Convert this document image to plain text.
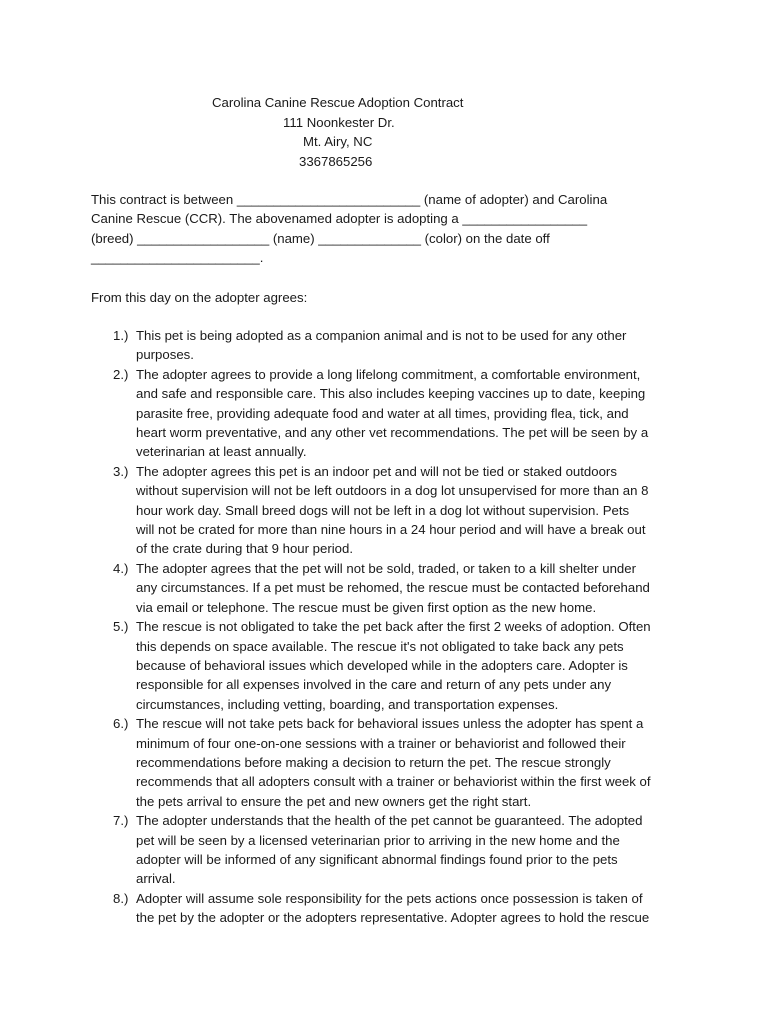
Carolina Canine Rescue Adoption Contract
111 Noonkester Dr.
Mt. Airy, NC
3367865256
This contract is between _________________________ (name of adopter) and Carolina
Canine Rescue (CCR). The abovenamed adopter is adopting a _________________
(breed) __________________ (name) ______________ (color) on the date off
_______________________.
From this day on the adopter agrees:
1.) This pet is being adopted as a companion animal and is not to be used for any other
purposes.
2.) The adopter agrees to provide a long lifelong commitment, a comfortable environment,
and safe and responsible care. This also includes keeping vaccines up to date, keeping
parasite free, providing adequate food and water at all times, providing flea, tick, and
heart worm preventative, and any other vet recommendations. The pet will be seen by a
veterinarian at least annually.
3.) The adopter agrees this pet is an indoor pet and will not be tied or staked outdoors
without supervision will not be left outdoors in a dog lot unsupervised for more than an 8
hour work day. Small breed dogs will not be left in a dog lot without supervision. Pets
will not be crated for more than nine hours in a 24 hour period and will have a break out
of the crate during that 9 hour period.
4.) The adopter agrees that the pet will not be sold, traded, or taken to a kill shelter under
any circumstances. If a pet must be rehomed, the rescue must be contacted beforehand
via email or telephone. The rescue must be given first option as the new home.
5.) The rescue is not obligated to take the pet back after the first 2 weeks of adoption. Often
this depends on space available. The rescue it's not obligated to take back any pets
because of behavioral issues which developed while in the adopters care. Adopter is
responsible for all expenses involved in the care and return of any pets under any
circumstances, including vetting, boarding, and transportation expenses.
6.) The rescue will not take pets back for behavioral issues unless the adopter has spent a
minimum of four one-on-one sessions with a trainer or behaviorist and followed their
recommendations before making a decision to return the pet. The rescue strongly
recommends that all adopters consult with a trainer or behaviorist within the first week of
the pets arrival to ensure the pet and new owners get the right start.
7.) The adopter understands that the health of the pet cannot be guaranteed. The adopted
pet will be seen by a licensed veterinarian prior to arriving in the new home and the
adopter will be informed of any significant abnormal findings found prior to the pets
arrival.
8.) Adopter will assume sole responsibility for the pets actions once possession is taken of
the pet by the adopter or the adopters representative. Adopter agrees to hold the rescue
